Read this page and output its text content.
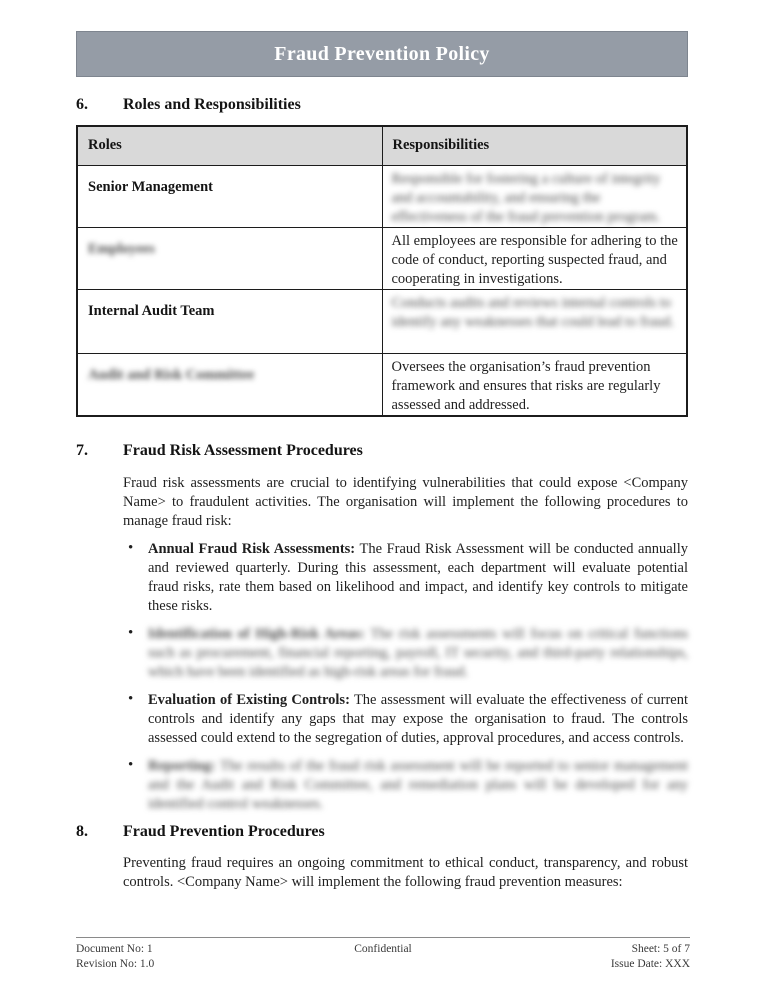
Fraud Prevention Policy
6.	Roles and Responsibilities
Roles	Responsibilities
Senior Management	Responsible for fostering a culture of integrity and accountability, and ensuring the effectiveness of the fraud prevention program.
Employees	All employees are responsible for adhering to the code of conduct, reporting suspected fraud, and cooperating in investigations.
Internal Audit Team	Conducts audits and reviews internal controls to identify any weaknesses that could lead to fraud.
Audit and Risk Committee	Oversees the organisation’s fraud prevention framework and ensures that risks are regularly assessed and addressed.
7.	Fraud Risk Assessment Procedures

Fraud risk assessments are crucial to identifying vulnerabilities that could expose <Company Name> to fraudulent activities. The organisation will implement the following procedures to manage fraud risk:

• Annual Fraud Risk Assessments: The Fraud Risk Assessment will be conducted annually and reviewed quarterly. During this assessment, each department will evaluate potential fraud risks, rate them based on likelihood and impact, and identify key controls to mitigate these risks.
• Identification of High-Risk Areas: The risk assessments will focus on critical functions such as procurement, financial reporting, payroll, IT security, and third-party relationships, which have been identified as high-risk areas for fraud.
• Evaluation of Existing Controls: The assessment will evaluate the effectiveness of current controls and identify any gaps that may expose the organisation to fraud. The controls assessed could extend to the segregation of duties, approval procedures, and access controls.
• Reporting: The results of the fraud risk assessment will be reported to senior management and the Audit and Risk Committee, and remediation plans will be developed for any identified control weaknesses.
8.	Fraud Prevention Procedures

Preventing fraud requires an ongoing commitment to ethical conduct, transparency, and robust controls. <Company Name> will implement the following fraud prevention measures:

Document No: 1
Revision No: 1.0
Confidential	Sheet: 5 of 7
Issue Date: XXX
